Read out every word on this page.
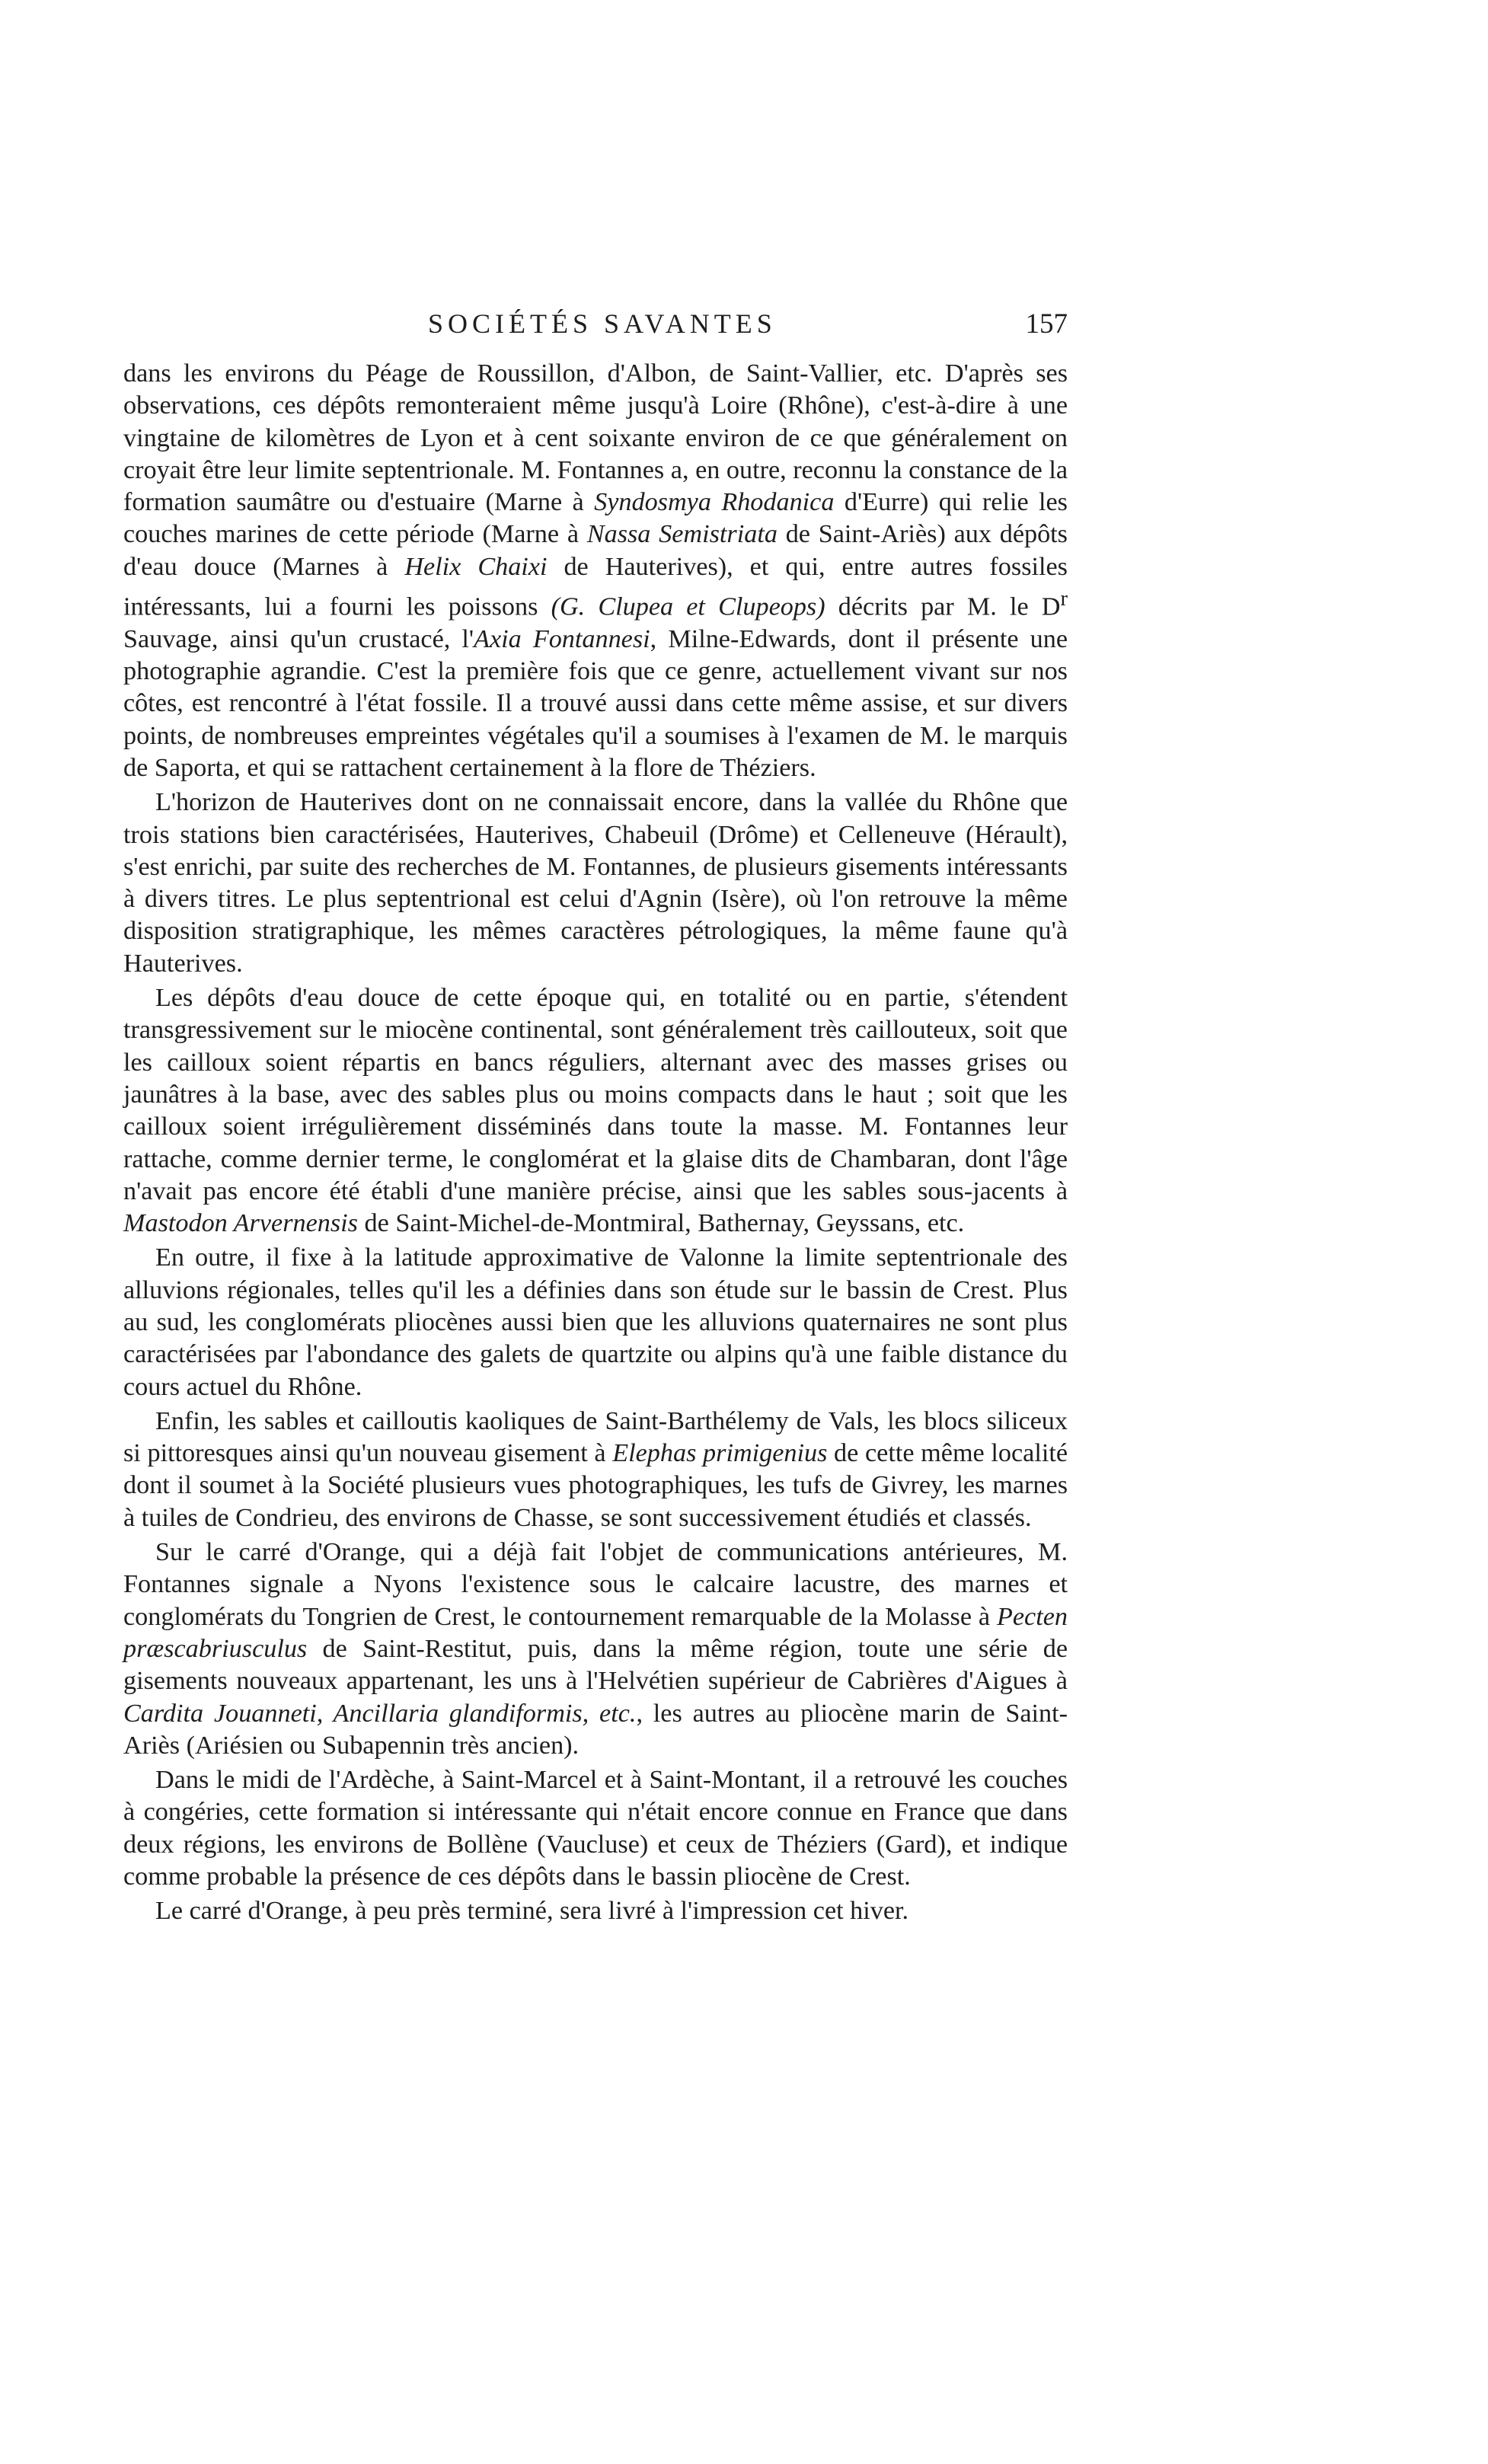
SOCIÉTÉS SAVANTES	157

dans les environs du Péage de Roussillon, d'Albon, de Saint-Vallier, etc. D'après ses observations, ces dépôts remonteraient même jusqu'à Loire (Rhône), c'est-à-dire à une vingtaine de kilomètres de Lyon et à cent soixante environ de ce que généralement on croyait être leur limite septentrionale. M. Fontannes a, en outre, reconnu la constance de la formation saumâtre ou d'estuaire (Marne à Syndosmya Rhodanica d'Eurre) qui relie les couches marines de cette période (Marne à Nassa Semistriata de Saint-Ariès) aux dépôts d'eau douce (Marnes à Helix Chaixi de Hauterives), et qui, entre autres fossiles intéressants, lui a fourni les poissons (G. Clupea et Clupeops) décrits par M. le $D^r$ Sauvage, ainsi qu'un crustacé, l'Axia Fontannesi, Milne-Edwards, dont il présente une photographie agrandie. C'est la première fois que ce genre, actuellement vivant sur nos côtes, est rencontré à l'état fossile. Il a trouvé aussi dans cette même assise, et sur divers points, de nombreuses empreintes végétales qu'il a soumises à l'examen de M. le marquis de Saporta, et qui se rattachent certainement à la flore de Théziers.

L'horizon de Hauterives dont on ne connaissait encore, dans la vallée du Rhône que trois stations bien caractérisées, Hauterives, Chabeuil (Drôme) et Celleneuve (Hérault), s'est enrichi, par suite des recherches de M. Fontannes, de plusieurs gisements intéressants à divers titres. Le plus septentrional est celui d'Agnin (Isère), où l'on retrouve la même disposition stratigraphique, les mêmes caractères pétrologiques, la même faune qu'à Hauterives.

Les dépôts d'eau douce de cette époque qui, en totalité ou en partie, s'étendent transgressivement sur le miocène continental, sont généralement très caillouteux, soit que les cailloux soient répartis en bancs réguliers, alternant avec des masses grises ou jaunâtres à la base, avec des sables plus ou moins compacts dans le haut ; soit que les cailloux soient irrégulièrement disséminés dans toute la masse. M. Fontannes leur rattache, comme dernier terme, le conglomérat et la glaise dits de Chambaran, dont l'âge n'avait pas encore été établi d'une manière précise, ainsi que les sables sous-jacents à Mastodon Arvernensis de Saint-Michel-de-Montmiral, Bathernay, Geyssans, etc.

En outre, il fixe à la latitude approximative de Valonne la limite septentrionale des alluvions régionales, telles qu'il les a définies dans son étude sur le bassin de Crest. Plus au sud, les conglomérats pliocènes aussi bien que les alluvions quaternaires ne sont plus caractérisées par l'abondance des galets de quartzite ou alpins qu'à une faible distance du cours actuel du Rhône.

Enfin, les sables et cailloutis kaoliques de Saint-Barthélemy de Vals, les blocs siliceux si pittoresques ainsi qu'un nouveau gisement à Elephas primigenius de cette même localité dont il soumet à la Société plusieurs vues photographiques, les tufs de Givrey, les marnes à tuiles de Condrieu, des environs de Chasse, se sont successivement étudiés et classés.

Sur le carré d'Orange, qui a déjà fait l'objet de communications antérieures, M. Fontannes signale a Nyons l'existence sous le calcaire lacustre, des marnes et conglomérats du Tongrien de Crest, le contournement remarquable de la Molasse à Pecten præscabriusculus de Saint-Restitut, puis, dans la même région, toute une série de gisements nouveaux appartenant, les uns à l'Helvétien supérieur de Cabrières d'Aigues à Cardita Jouanneti, Ancillaria glandiformis, etc., les autres au pliocène marin de Saint-Ariès (Ariésien ou Subapennin très ancien).

Dans le midi de l'Ardèche, à Saint-Marcel et à Saint-Montant, il a retrouvé les couches à congéries, cette formation si intéressante qui n'était encore connue en France que dans deux régions, les environs de Bollène (Vaucluse) et ceux de Théziers (Gard), et indique comme probable la présence de ces dépôts dans le bassin pliocène de Crest.

Le carré d'Orange, à peu près terminé, sera livré à l'impression cet hiver.
